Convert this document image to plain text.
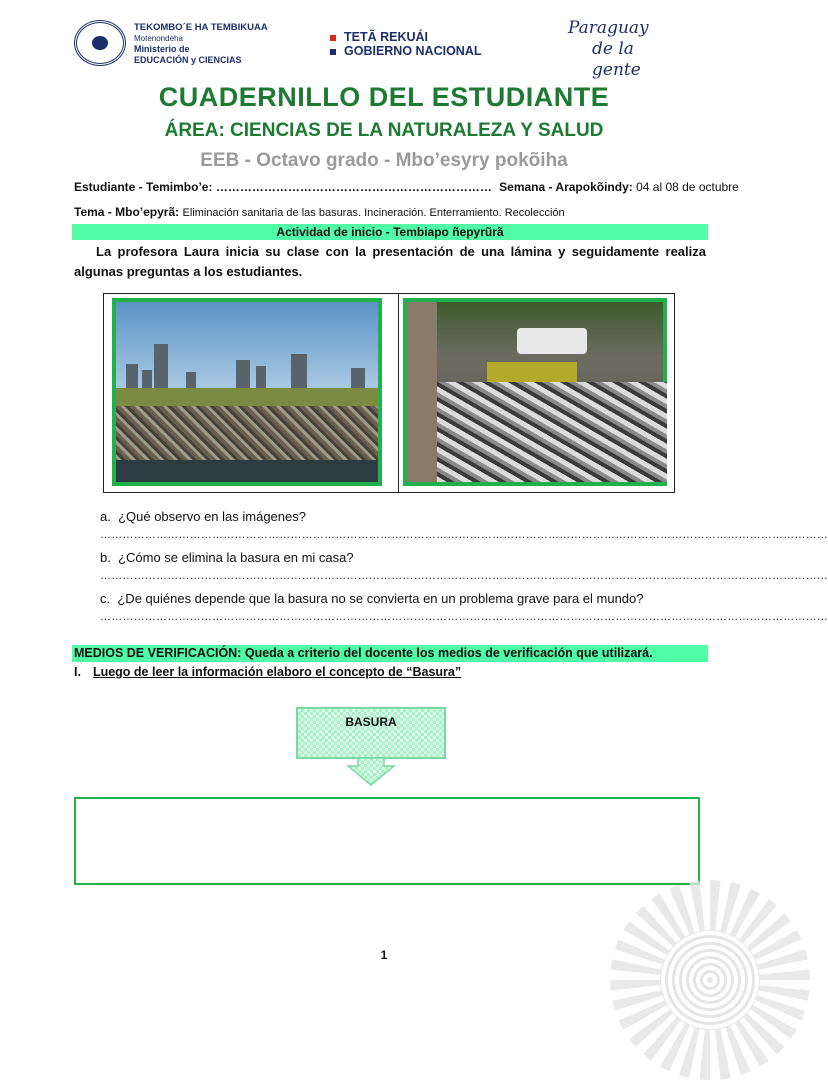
TEKOMBO´E HA TEMBIKUAA
Motenondeha
Ministerio de
EDUCACIÓN y CIENCIAS
TETÃ REKUÁI
GOBIERNO NACIONAL
Paraguay
de la gente
CUADERNILLO DEL ESTUDIANTE
ÁREA: CIENCIAS DE LA NATURALEZA Y SALUD
EEB - Octavo grado - Mbo’esyry pokõiha
Estudiante - Temimbo’e: …………………………………………………………… Semana - Arapokõindy: 04 al 08 de octubre
Tema - Mbo’epyrã: Eliminación sanitaria de las basuras. Incineración. Enterramiento. Recolección
Actividad de inicio - Tembiapo ñepyrũrã
La profesora Laura inicia su clase con la presentación de una lámina y seguidamente realiza algunas preguntas a los estudiantes.
a. ¿Qué observo en las imágenes?
……………………………………………………………………………………………………………………………………………………………………………
b. ¿Cómo se elimina la basura en mi casa?
……………………………………………………………………………………………………………………………………………………………………………
c. ¿De quiénes depende que la basura no se convierta en un problema grave para el mundo?
……………………………………………………………………………………………………………………………………………………………………………
MEDIOS DE VERIFICACIÓN: Queda a criterio del docente los medios de verificación que utilizará.
I. Luego de leer la información elaboro el concepto de “Basura”
BASURA
1
